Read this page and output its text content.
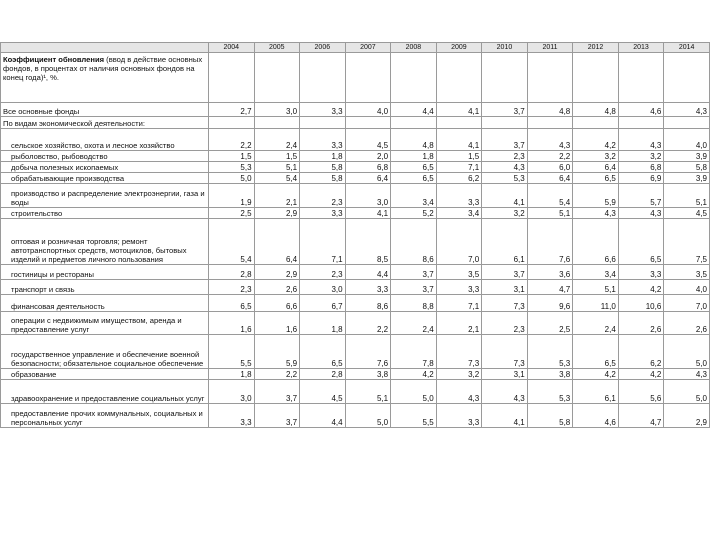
	2004	2005	2006	2007	2008	2009	2010	2011	2012	2013	2014
Коэффициент обновления (ввод в действие основных фондов, в процентах от наличия основных фондов на конец года)¹, %.											
Все основные фонды	2,7	3,0	3,3	4,0	4,4	4,1	3,7	4,8	4,8	4,6	4,3
По видам экономической деятельности:											
сельское хозяйство, охота и лесное хозяйство	2,2	2,4	3,3	4,5	4,8	4,1	3,7	4,3	4,2	4,3	4,0
рыболовство, рыбоводство	1,5	1,5	1,8	2,0	1,8	1,5	2,3	2,2	3,2	3,2	3,9
добыча полезных ископаемых	5,3	5,1	5,8	6,8	6,5	7,1	4,3	6,0	6,4	6,8	5,8
обрабатывающие производства	5,0	5,4	5,8	6,4	6,5	6,2	5,3	6,4	6,5	6,9	3,9
производство и распределение электроэнергии, газа и воды	1,9	2,1	2,3	3,0	3,4	3,3	4,1	5,4	5,9	5,7	5,1
строительство	2,5	2,9	3,3	4,1	5,2	3,4	3,2	5,1	4,3	4,3	4,5
оптовая и розничная торговля; ремонт автотранспортных средств, мотоциклов, бытовых изделий и предметов личного пользования	5,4	6,4	7,1	8,5	8,6	7,0	6,1	7,6	6,6	6,5	7,5
гостиницы и рестораны	2,8	2,9	2,3	4,4	3,7	3,5	3,7	3,6	3,4	3,3	3,5
транспорт и связь	2,3	2,6	3,0	3,3	3,7	3,3	3,1	4,7	5,1	4,2	4,0
финансовая деятельность	6,5	6,6	6,7	8,6	8,8	7,1	7,3	9,6	11,0	10,6	7,0
операции с недвижимым имуществом, аренда и предоставление услуг	1,6	1,6	1,8	2,2	2,4	2,1	2,3	2,5	2,4	2,6	2,6
государственное управление и обеспечение военной безопасности; обязательное социальное обеспечение	5,5	5,9	6,5	7,6	7,8	7,3	7,3	5,3	6,5	6,2	5,0
образование	1,8	2,2	2,8	3,8	4,2	3,2	3,1	3,8	4,2	4,2	4,3
здравоохранение и предоставление социальных услуг	3,0	3,7	4,5	5,1	5,0	4,3	4,3	5,3	6,1	5,6	5,0
предоставление прочих коммунальных, социальных и персональных услуг	3,3	3,7	4,4	5,0	5,5	3,3	4,1	5,8	4,6	4,7	2,9
